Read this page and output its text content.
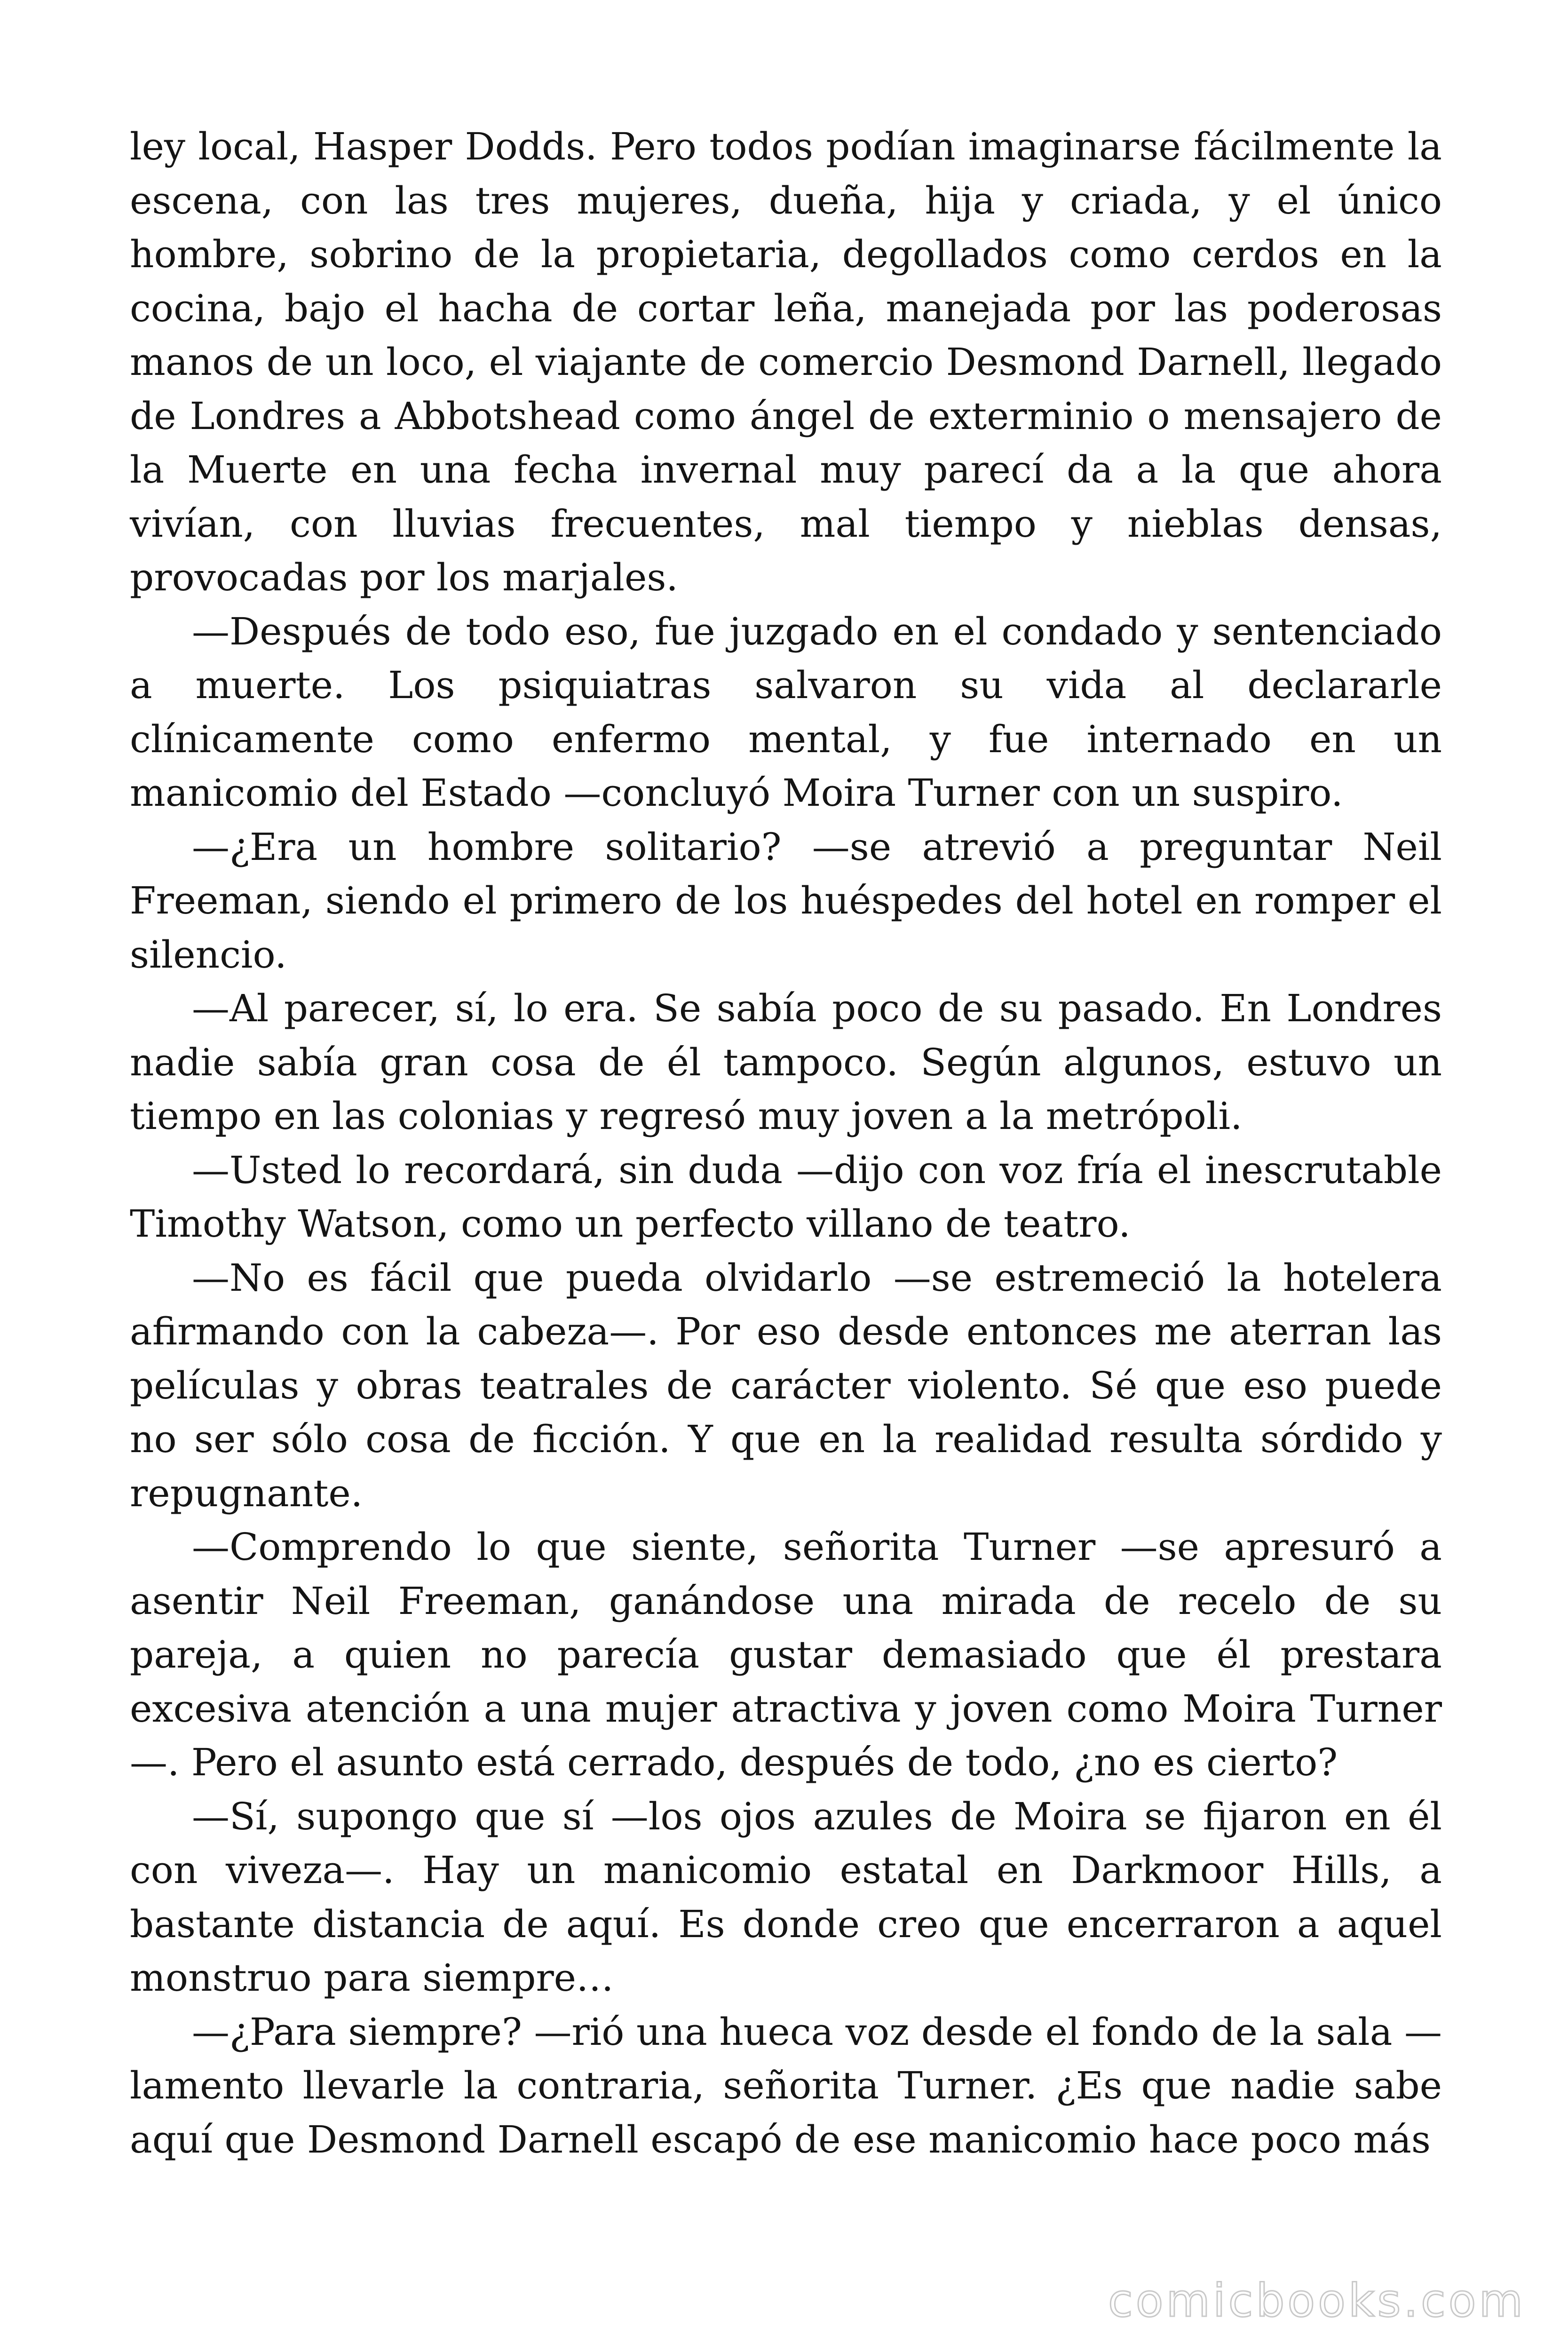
ley local, Hasper Dodds. Pero todos podían imaginarse fácilmente la escena, con las tres mujeres, dueña, hija y criada, y el único hombre, sobrino de la propietaria, degollados como cerdos en la cocina, bajo el hacha de cortar leña, manejada por las poderosas manos de un loco, el viajante de comercio Desmond Darnell, llegado de Londres a Abbotshead como ángel de exterminio o mensajero de la Muerte en una fecha invernal muy parecí da a la que ahora vivían, con lluvias frecuentes, mal tiempo y nieblas densas, provocadas por los marjales.

—Después de todo eso, fue juzgado en el condado y sentenciado a muerte. Los psiquiatras salvaron su vida al declararle clínicamente como enfermo mental, y fue internado en un manicomio del Estado —concluyó Moira Turner con un suspiro.

—¿Era un hombre solitario? —se atrevió a preguntar Neil Freeman, siendo el primero de los huéspedes del hotel en romper el silencio.

—Al parecer, sí, lo era. Se sabía poco de su pasado. En Londres nadie sabía gran cosa de él tampoco. Según algunos, estuvo un tiempo en las colonias y regresó muy joven a la metrópoli.

—Usted lo recordará, sin duda —dijo con voz fría el inescrutable Timothy Watson, como un perfecto villano de teatro.

—No es fácil que pueda olvidarlo —se estremeció la hotelera afirmando con la cabeza—. Por eso desde entonces me aterran las películas y obras teatrales de carácter violento. Sé que eso puede no ser sólo cosa de ficción. Y que en la realidad resulta sórdido y repugnante.

—Comprendo lo que siente, señorita Turner —se apresuró a asentir Neil Freeman, ganándose una mirada de recelo de su pareja, a quien no parecía gustar demasiado que él prestara excesiva atención a una mujer atractiva y joven como Moira Turner—. Pero el asunto está cerrado, después de todo, ¿no es cierto?

—Sí, supongo que sí —los ojos azules de Moira se fijaron en él con viveza—. Hay un manicomio estatal en Darkmoor Hills, a bastante distancia de aquí. Es donde creo que encerraron a aquel monstruo para siempre…

—¿Para siempre? —rió una hueca voz desde el fondo de la sala — lamento llevarle la contraria, señorita Turner. ¿Es que nadie sabe aquí que Desmond Darnell escapó de ese manicomio hace poco más

comicbooks.com
